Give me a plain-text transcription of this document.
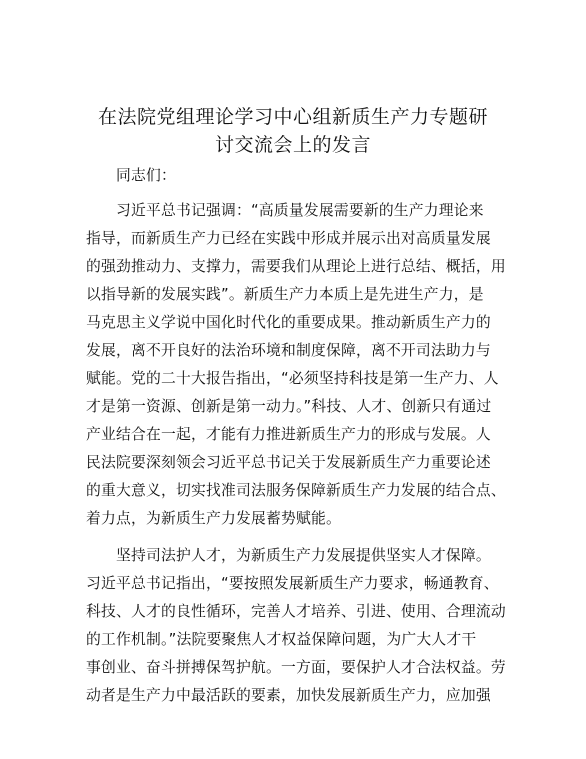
在法院党组理论学习中心组新质生产力专题研
讨交流会上的发言
同志们：
习近平总书记强调：“高质量发展需要新的生产力理论来
指导，而新质生产力已经在实践中形成并展示出对高质量发展
的强劲推动力、支撑力，需要我们从理论上进行总结、概括，用
以指导新的发展实践”。新质生产力本质上是先进生产力，是
马克思主义学说中国化时代化的重要成果。推动新质生产力的
发展，离不开良好的法治环境和制度保障，离不开司法助力与
赋能。党的二十大报告指出，“必须坚持科技是第一生产力、人
才是第一资源、创新是第一动力。”科技、人才、创新只有通过
产业结合在一起，才能有力推进新质生产力的形成与发展。人
民法院要深刻领会习近平总书记关于发展新质生产力重要论述
的重大意义，切实找准司法服务保障新质生产力发展的结合点、
着力点，为新质生产力发展蓄势赋能。
坚持司法护人才，为新质生产力发展提供坚实人才保障。
习近平总书记指出，“要按照发展新质生产力要求，畅通教育、
科技、人才的良性循环，完善人才培养、引进、使用、合理流动
的工作机制。”法院要聚焦人才权益保障问题，为广大人才干
事创业、奋斗拼搏保驾护航。一方面，要保护人才合法权益。劳
动者是生产力中最活跃的要素，加快发展新质生产力，应加强
